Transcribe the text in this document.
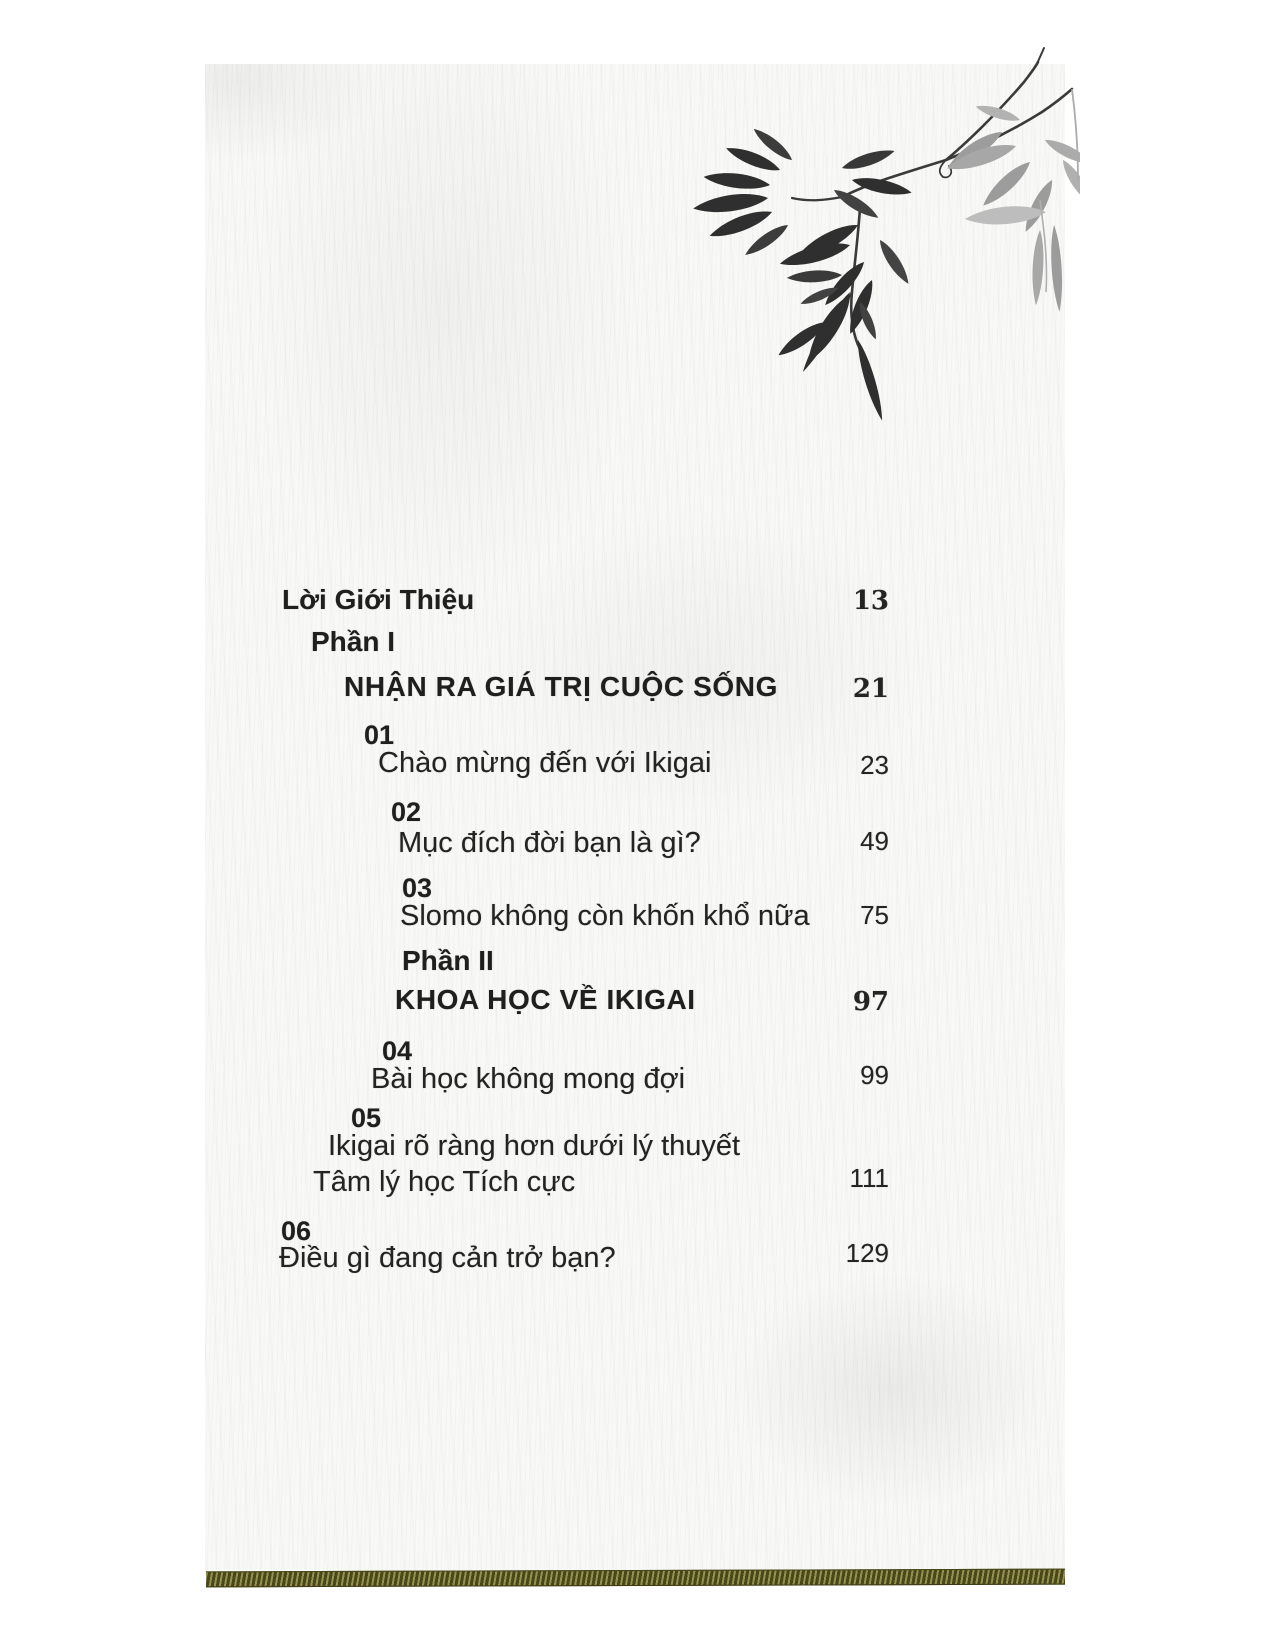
Lời Giới Thiệu	13
Phần I
NHẬN RA GIÁ TRỊ CUỘC SỐNG	21
01
Chào mừng đến với Ikigai	23
02
Mục đích đời bạn là gì?	49
03
Slomo không còn khốn khổ nữa 75
Phần II
KHOA HỌC VỀ IKIGAI	97
04
Bài học không mong đợi	99
05
Ikigai rõ ràng hơn dưới lý thuyết
Tâm lý học Tích cực	111
06
Điều gì đang cản trở bạn?	129
